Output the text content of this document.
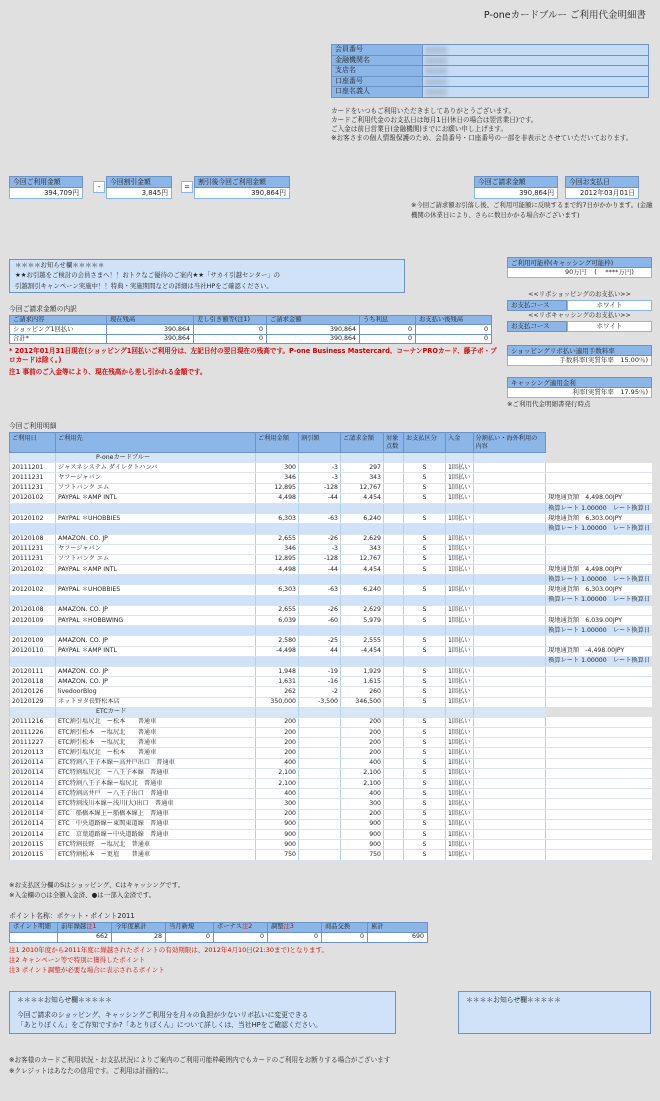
P-oneカードブルー ご利用代金明細書
会員番号	

金融機関名	

支店名	

口座番号	

口座名義人	
カードをいつもご利用いただきましてありがとうございます。
カードご利用代金のお支払日は毎月1日(休日の場合は翌営業日)です。
ご入金は前日営業日(金融機関)までにお願い申し上げます。
※お客さまの個人情報保護のため、会員番号・口座番号の一部を非表示とさせていただいております。
今回ご利用金額
394,709円
-
今回割引金額
3,845円
=
割引後今回ご利用金額
390,864円
今回ご請求金額
390,864円
今回お支払日
2012年03月01日
※今回ご請求額お引落し後、ご利用可能額に反映するまで約7日がかかります。(金融機関の休業日により、さらに数日かかる場合がございます)
＊＊＊＊お知らせ欄＊＊＊＊＊
★★お引越をご検討の会員さまへ！！おトクなご優待のご案内★★「サカイ引越センター」の
引越割引キャンペーン実施中！！特典・実施期間などの詳細は当社HPをご確認ください。
ご利用可能枠(キャッシング可能枠)
90万円 (　 ****万円)
<<リボショッピングのお支払い>>
お支払コース	ホワイト
<<リボキャッシングのお支払い>>
お支払コース	ホワイト
ショッピングリボ払い適用手数料率
手数料率(実質年率　15.00％)
キャッシング適用金利
利率(実質年率　17.95％)
※ご利用代金明細書発行時点
今回ご請求金額の内訳
ご請求内容	現在残高	差し引き額等(注1)	ご請求金額	うち利息	お支払い後残高
ショッピング1回払い	390,864	0	390,864	0	0
合計*	390,864	0	390,864	0	0
* 2012年01月31日現在(ショッピング1回払いご利用分は、左記日付の翌日現在の残高です。P-one Business Mastercard、コーナンPROカード、藤子ボ・プロカードは除く。)
注1 事前のご入金等により、現在残高から差し引かれる金額です。
今回ご利用明細
ご利用日	ご利用先	ご利用金額	割引額	ご請求金額	対象点数	お支払区分	入金	分割払い・海外利用の内容	
	P-oneカードブルー								
20111201	ジャスネシステム ダイレクトハンバ	300	-3	297		S	1回払い		
20111231	ヤフージャパン	346	-3	343		S	1回払い		
20111231	ソフトバンク エム	12,895	-128	12,767		S	1回払い		
20120102	PAYPAL ＊AMP INTL	4,498	-44	4,454		S	1回払い		現地通貨額　4,498.00JPY
									換算レート 1.00000　レート換算日
20120102	PAYPAL ＊UHOBBIES	6,303	-63	6,240		S	1回払い		現地通貨額　6,303.00JPY
									換算レート 1.00000　レート換算日
20120108	AMAZON. CO. JP	2,655	-26	2,629		S	1回払い		
20111231	ヤフージャパン	346	-3	343		S	1回払い		
20111231	ソフトバンク エム	12,895	-128	12,767		S	1回払い		
20120102	PAYPAL ＊AMP INTL	4,498	-44	4,454		S	1回払い		現地通貨額　4,498.00JPY
									換算レート 1.00000　レート換算日
20120102	PAYPAL ＊UHOBBIES	6,303	-63	6,240		S	1回払い		現地通貨額　6,303.00JPY
									換算レート 1.00000　レート換算日
20120108	AMAZON. CO. JP	2,655	-26	2,629		S	1回払い		
20120109	PAYPAL ＊HOBBWING	6,039	-60	5,979		S	1回払い		現地通貨額　6,039.00JPY
									換算レート 1.00000　レート換算日
20120109	AMAZON. CO. JP	2,580	-25	2,555		S	1回払い		
20120110	PAYPAL ＊AMP INTL	-4,498	44	-4,454		S	1回払い		現地通貨額　-4,498.00JPY
									換算レート 1.00000　レート換算日
20120111	AMAZON. CO. JP	1,948	-19	1,929		S	1回払い		
20120118	AMAZON. CO. JP	1,631	-16	1,615		S	1回払い		
20120126	livedoorBlog	262	-2	260		S	1回払い		
20120129	ネットヨタ長野松本店	350,000	-3,500	346,500		S	1回払い		
	ETCカード								
20111216	ETC割引塩尻北　ー松本　　普通車	200		200		S	1回払い		
20111226	ETC割引松本　ー塩尻北　　普通車	200		200		S	1回払い		
20111227	ETC割引松本　ー塩尻北　　普通車	200		200		S	1回払い		
20120113	ETC割引塩尻北　ー松本　　普通車	200		200		S	1回払い		
20120114	ETC特割八王子本線ー高井戸出口　普通車	400		400		S	1回払い		
20120114	ETC特割塩尻北　ー八王子本線　普通車	2,100		2,100		S	1回払い		
20120114	ETC特割八王子本線ー塩尻北　普通車	2,100		2,100		S	1回払い		
20120114	ETC特割高井戸　ー八王子出口　普通車	400		400		S	1回払い		
20120114	ETC特割浅川本線ー浅川(大)出口　普通車	300		300		S	1回払い		
20120114	ETC　船橋本線上ー船橋本線上　普通車	200		200		S	1回払い		
20120114	ETC　中央道路線ー東関東道線　普通車	900		900		S	1回払い		
20120114	ETC　京葉道路線ー中央道路線　普通車	900		900		S	1回払い		
20120115	ETC特割長野　ー塩尻北　普通車	900		900		S	1回払い		
20120115	ETC特割松本　ー更埴　　普通車	750		750		S	1回払い		
※お支払区分欄のSはショッピング、Cはキャッシングです。
※入金欄の○は全額入金済、●は一部入金済です。
ポイント名称：ポケット・ポイント2011
ポイント明細	前年繰越注1	今年度累計	当月新規	ボーナス注2	調整注3	商品交換	累計
	662	28	0	0	0	0	690
注1 2010年度から2011年度に繰越されたポイントの有効期限は、2012年4月10日(21:30まで)となります。
注2 キャンペーン等で特別に獲得したポイント
注3 ポイント調整が必要な場合に表示されるポイント
＊＊＊＊お知らせ欄＊＊＊＊＊
今回ご請求のショッピング、キャッシングご利用分を月々の負担が少ないリボ払いに変更できる
「あとりぼくん」をご存知ですか?「あとりぼくん」について詳しくは、当社HPをご確認ください。
＊＊＊＊お知らせ欄＊＊＊＊＊
※お客様のカードご利用状況・お支払状況によりご案内のご利用可能枠範囲内でもカードのご利用をお断りする場合がございます
※クレジットはあなたの信用です。ご利用は計画的に。
